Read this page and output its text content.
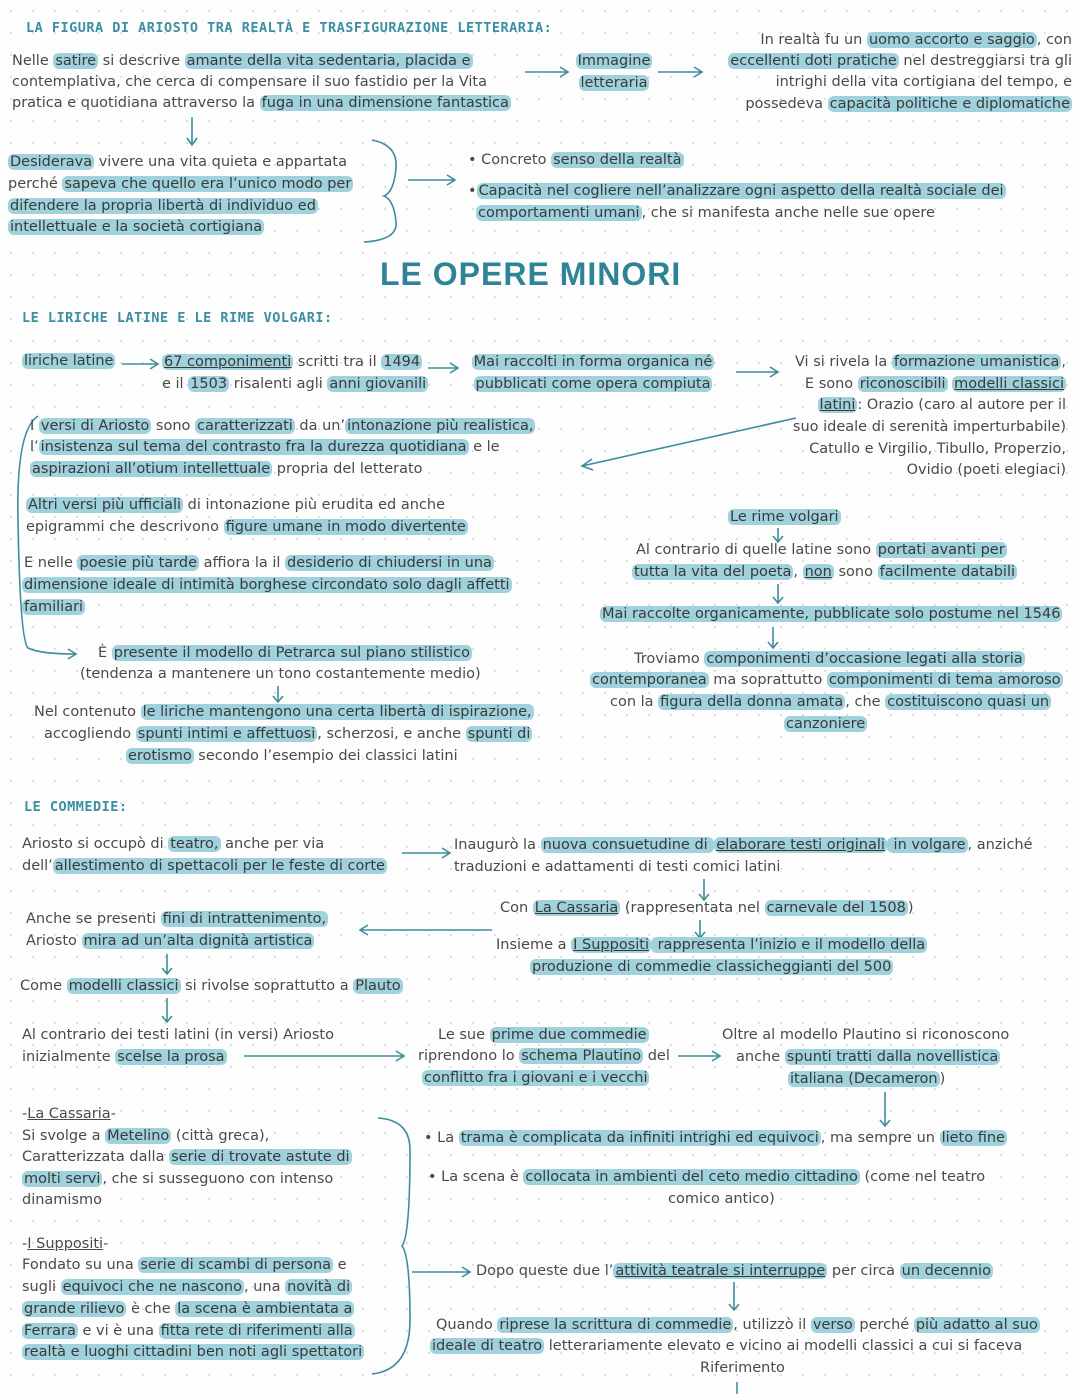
LA FIGURA DI ARIOSTO TRA REALTÀ E TRASFIGURAZIONE LETTERARIA:
Nelle satire si descrive amante della vita sedentaria, placida e
contemplativa, che cerca di compensare il suo fastidio per la Vita
pratica e quotidiana attraverso la fuga in una dimensione fantastica
Immagine
letteraria
In realtà fu un uomo accorto e saggio , con
eccellenti doti pratiche nel destreggiarsi tra gli
intrighi della vita cortigiana del tempo, e
possedeva capacità politiche e diplomatiche
Desiderava vivere una vita quieta e appartata
perché sapeva che quello era l’unico modo per
difendere la propria libertà di individuo ed
intellettuale e la società cortigiana
• Concreto senso della realtà
• Capacità nel cogliere nell’analizzare ogni aspetto della realtà sociale dei
comportamenti umani , che si manifesta anche nelle sue opere
LE OPERE MINORI
LE LIRICHE LATINE E LE RIME VOLGARI:
liriche latine	67 componimenti scritti tra il 1494
e il 1503 risalenti agli anni giovanili
Mai raccolti in forma organica né
pubblicati come opera compiuta
Vi si rivela la formazione umanistica ,
E sono riconoscibili modelli classici
latini : Orazio (caro al autore per il
suo ideale di serenità imperturbabile)
Catullo e Virgilio, Tibullo, Properzio,
Ovidio (poeti elegiaci)
I versi di Ariosto sono caratterizzati da un’ intonazione più realistica,
l’ insistenza sul tema del contrasto fra la durezza quotidiana e le
aspirazioni all’otium intellettuale propria del letterato
Altri versi più ufficiali di intonazione più erudita ed anche
epigrammi che descrivono figure umane in modo divertente
E nelle poesie più tarde affiora la il desiderio di chiudersi in una
dimensione ideale di intimità borghese circondato solo dagli affetti
familiari
È presente il modello di Petrarca sul piano stilistico
(tendenza a mantenere un tono costantemente medio)
Nel contenuto le liriche mantengono una certa libertà di ispirazione,
accogliendo spunti intimi e affettuosi , scherzosi, e anche spunti di
erotismo secondo l’esempio dei classici latini
Le rime volgari
Al contrario di quelle latine sono portati avanti per
tutta la vita del poeta , non sono facilmente databili
Mai raccolte organicamente, pubblicate solo postume nel 1546
Troviamo componimenti d’occasione legati alla storia
contemporanea ma soprattutto componimenti di tema amoroso
con la figura della donna amata , che costituiscono quasi un
canzoniere
LE COMMEDIE:
Ariosto si occupò di teatro, anche per via
dell’ allestimento di spettacoli per le feste di corte
Inaugurò la nuova consuetudine di elaborare testi originali in volgare , anziché
traduzioni e adattamenti di testi comici latini
Anche se presenti fini di intrattenimento,
Ariosto mira ad un’alta dignità artistica
Con La Cassaria (rappresentata nel carnevale del 1508 )
Insieme a I Suppositi rappresenta l’inizio e il modello della
produzione di commedie classicheggianti del 500
Come modelli classici si rivolse soprattutto a Plauto
Al contrario dei testi latini (in versi) Ariosto
inizialmente scelse la prosa
Le sue prime due commedie
riprendono lo schema Plautino del
conflitto fra i giovani e i vecchi
Oltre al modello Plautino si riconoscono
anche spunti tratti dalla novellistica
italiana (Decameron )
-La Cassaria-
Si svolge a Metelino (città greca),
Caratterizzata dalla serie di trovate astute di
molti servi , che si susseguono con intenso
dinamismo
-I Suppositi-
Fondato su una serie di scambi di persona e
sugli equivoci che ne nascono , una novità di
grande rilievo è che la scena è ambientata a
Ferrara e vi è una fitta rete di riferimenti alla
realtà e luoghi cittadini ben noti agli spettatori
• La trama è complicata da infiniti intrighi ed equivoci , ma sempre un lieto fine
• La scena è collocata in ambienti del ceto medio cittadino (come nel teatro
comico antico)
Dopo queste due l’ attività teatrale si interruppe per circa un decennio
Quando riprese la scrittura di commedie , utilizzò il verso perché più adatto al suo
ideale di teatro letterariamente elevato e vicino ai modelli classici a cui si faceva
Riferimento
